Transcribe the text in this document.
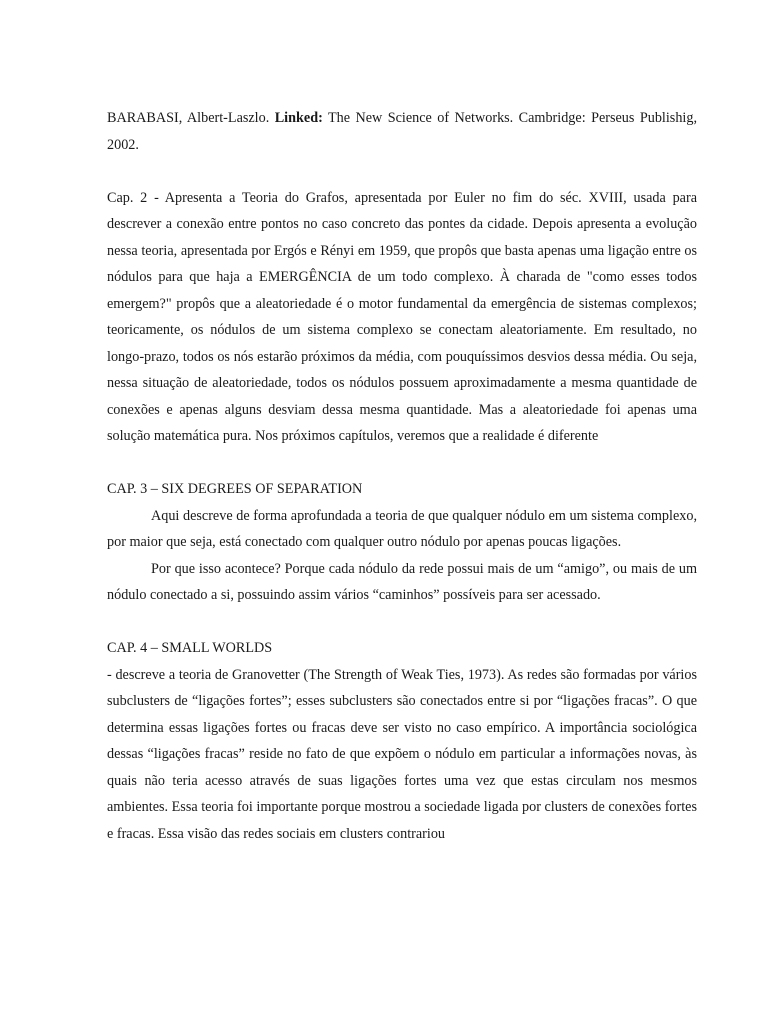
BARABASI, Albert-Laszlo. Linked: The New Science of Networks. Cambridge: Perseus Publishig, 2002.

Cap. 2 - Apresenta a Teoria do Grafos, apresentada por Euler no fim do séc. XVIII, usada para descrever a conexão entre pontos no caso concreto das pontes da cidade. Depois apresenta a evolução nessa teoria, apresentada por Ergós e Rényi em 1959, que propôs que basta apenas uma ligação entre os nódulos para que haja a EMERGÊNCIA de um todo complexo. À charada de "como esses todos emergem?" propôs que a aleatoriedade é o motor fundamental da emergência de sistemas complexos; teoricamente, os nódulos de um sistema complexo se conectam aleatoriamente. Em resultado, no longo-prazo, todos os nós estarão próximos da média, com pouquíssimos desvios dessa média. Ou seja, nessa situação de aleatoriedade, todos os nódulos possuem aproximadamente a mesma quantidade de conexões e apenas alguns desviam dessa mesma quantidade. Mas a aleatoriedade foi apenas uma solução matemática pura. Nos próximos capítulos, veremos que a realidade é diferente

CAP. 3 – SIX DEGREES OF SEPARATION

Aqui descreve de forma aprofundada a teoria de que qualquer nódulo em um sistema complexo, por maior que seja, está conectado com qualquer outro nódulo por apenas poucas ligações.

Por que isso acontece? Porque cada nódulo da rede possui mais de um “amigo”, ou mais de um nódulo conectado a si, possuindo assim vários “caminhos” possíveis para ser acessado.

CAP. 4 – SMALL WORLDS

- descreve a teoria de Granovetter (The Strength of Weak Ties, 1973). As redes são formadas por vários subclusters de “ligações fortes”; esses subclusters são conectados entre si por “ligações fracas”. O que determina essas ligações fortes ou fracas deve ser visto no caso empírico. A importância sociológica dessas “ligações fracas” reside no fato de que expõem o nódulo em particular a informações novas, às quais não teria acesso através de suas ligações fortes uma vez que estas circulam nos mesmos ambientes. Essa teoria foi importante porque mostrou a sociedade ligada por clusters de conexões fortes e fracas. Essa visão das redes sociais em clusters contrariou
